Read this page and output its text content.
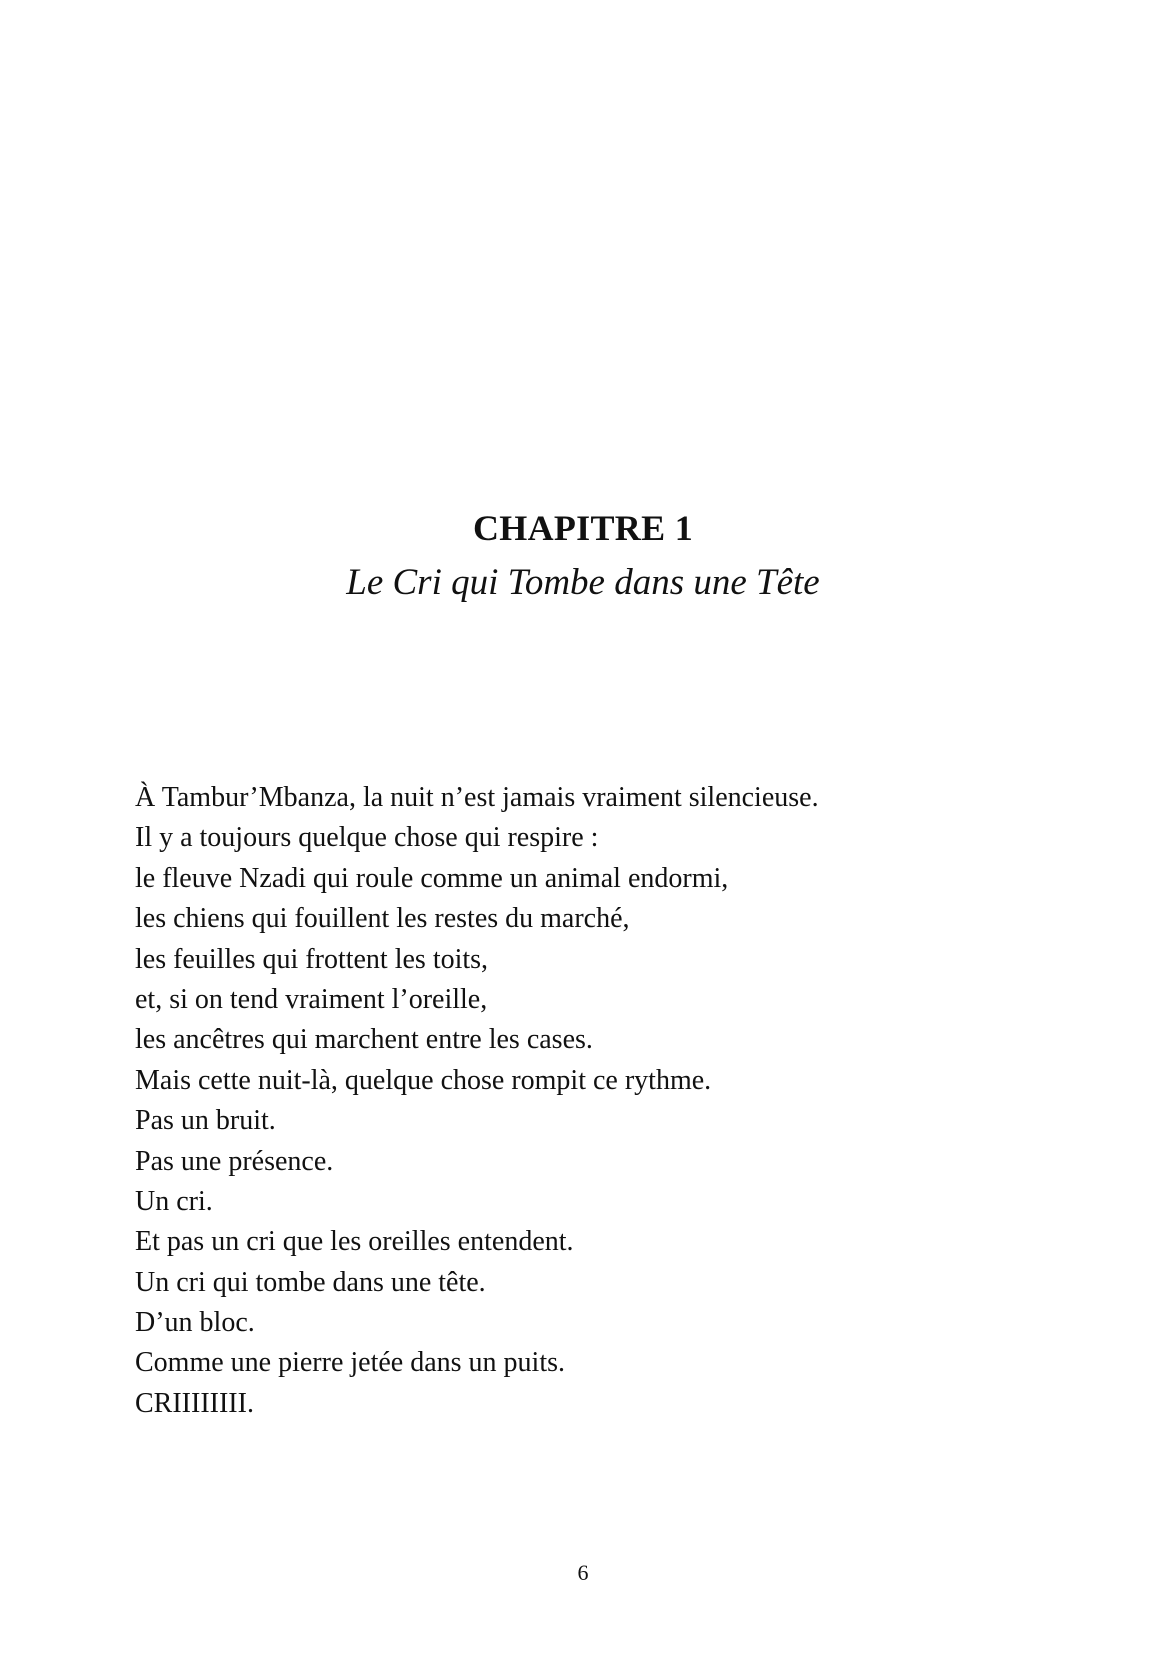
CHAPITRE 1
Le Cri qui Tombe dans une Tête
À Tambur’Mbanza, la nuit n’est jamais vraiment silencieuse.
Il y a toujours quelque chose qui respire :
le fleuve Nzadi qui roule comme un animal endormi,
les chiens qui fouillent les restes du marché,
les feuilles qui frottent les toits,
et, si on tend vraiment l’oreille,
les ancêtres qui marchent entre les cases.
Mais cette nuit-là, quelque chose rompit ce rythme.
Pas un bruit.
Pas une présence.
Un cri.
Et pas un cri que les oreilles entendent.
Un cri qui tombe dans une tête.
D’un bloc.
Comme une pierre jetée dans un puits.
CRIIIIIIII.
6
